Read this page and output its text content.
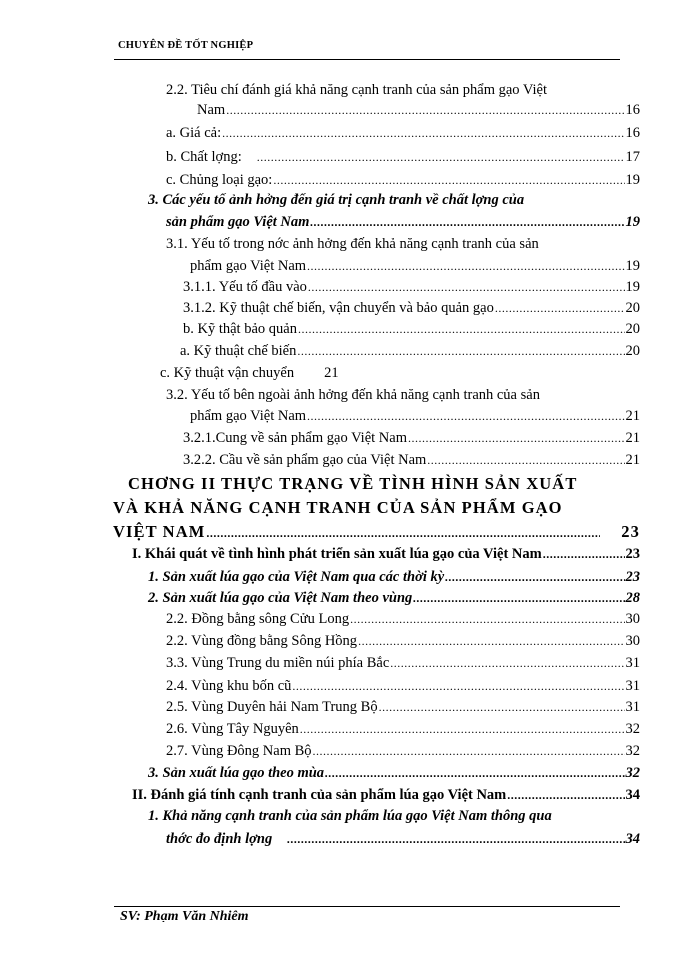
CHUYÊN ĐỀ TỐT NGHIỆP
2.2. Tiêu chí đánh giá khả năng cạnh tranh của sản phẩm gạo Việt
Nam .....	16
a. Giá cả: .....	16
b. Chất lợng: .....	17
c. Chủng loại gạo: .....	19
3. Các yếu tố ảnh hởng đến giá trị cạnh tranh về chất lợng của
sản phẩm gạo Việt Nam .....	19
3.1. Yếu tố trong nớc ảnh hởng đến khả năng cạnh tranh của sản
phẩm gạo Việt Nam .....	19
3.1.1. Yếu tố đầu vào .....	19
3.1.2. Kỹ thuật chế biến, vận chuyển và bảo quản gạo .....	20
b. Kỹ thật bảo quản .....	20
a. Kỹ thuật chế biến .....	20
c. Kỹ thuật vận chuyển 21
3.2. Yếu tố bên ngoài ảnh hởng đến khả năng cạnh tranh của sản
phẩm gạo Việt Nam .....	21
3.2.1.Cung về sản phẩm gạo Việt Nam .....	21
3.2.2. Cầu về sản phẩm gạo của Việt Nam .....	21
CHƠNG II THỰC TRẠNG VỀ TÌNH HÌNH SẢN XUẤT
VÀ KHẢ NĂNG CẠNH TRANH CỦA SẢN PHẨM GẠO
VIỆT NAM .....	23
I. Khái quát về tình hình phát triển sản xuất lúa gạo của Việt Nam .....	23
1. Sản xuất lúa gạo của Việt Nam qua các thời kỳ .....	23
2. Sản xuất lúa gạo của Việt Nam theo vùng .....	28
2.2. Đồng bằng sông Cửu Long .....	30
2.2. Vùng đồng bằng Sông Hồng .....	30
3.3. Vùng Trung du miền núi phía Bắc .....	31
2.4. Vùng khu bốn cũ .....	31
2.5. Vùng Duyên hải Nam Trung Bộ .....	31
2.6. Vùng Tây Nguyên .....	32
2.7. Vùng Đông Nam Bộ .....	32
3. Sản xuất lúa gạo theo mùa .....	32
II. Đánh giá tính cạnh tranh của sản phẩm lúa gạo Việt Nam .....	34
1. Khả năng cạnh tranh của sản phẩm lúa gạo Việt Nam thông qua
thớc đo định lợng .....	34
SV: Phạm Văn Nhiêm
